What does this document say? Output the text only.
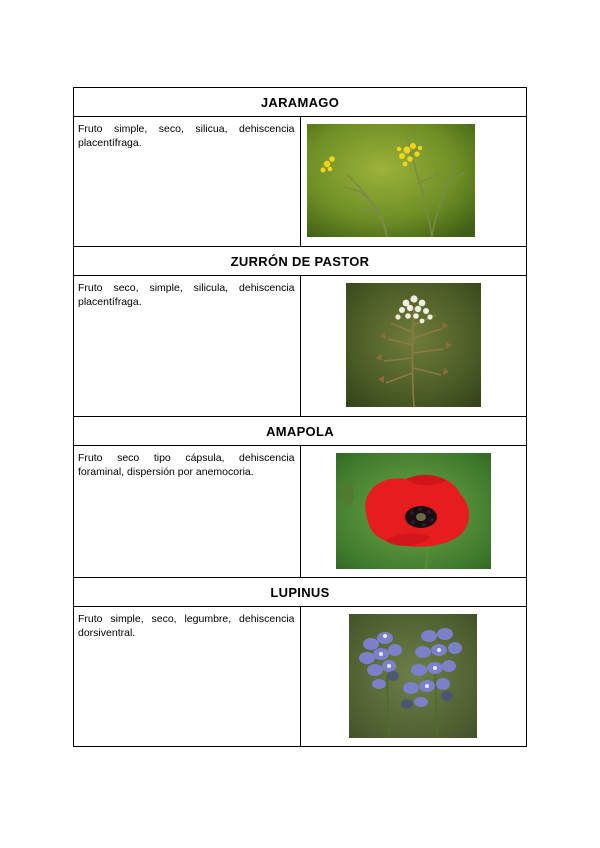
JARAMAGO	
Fruto simple, seco, silicua, dehiscencia placentífraga.	

ZURRÓN DE PASTOR	
Fruto seco, simple, silicula, dehiscencia placentífraga.	

AMAPOLA	
Fruto seco tipo cápsula, dehiscencia foraminal, dispersión por anemocoria.	

LUPINUS	
Fruto simple, seco, legumbre, dehiscencia dorsiventral.	
